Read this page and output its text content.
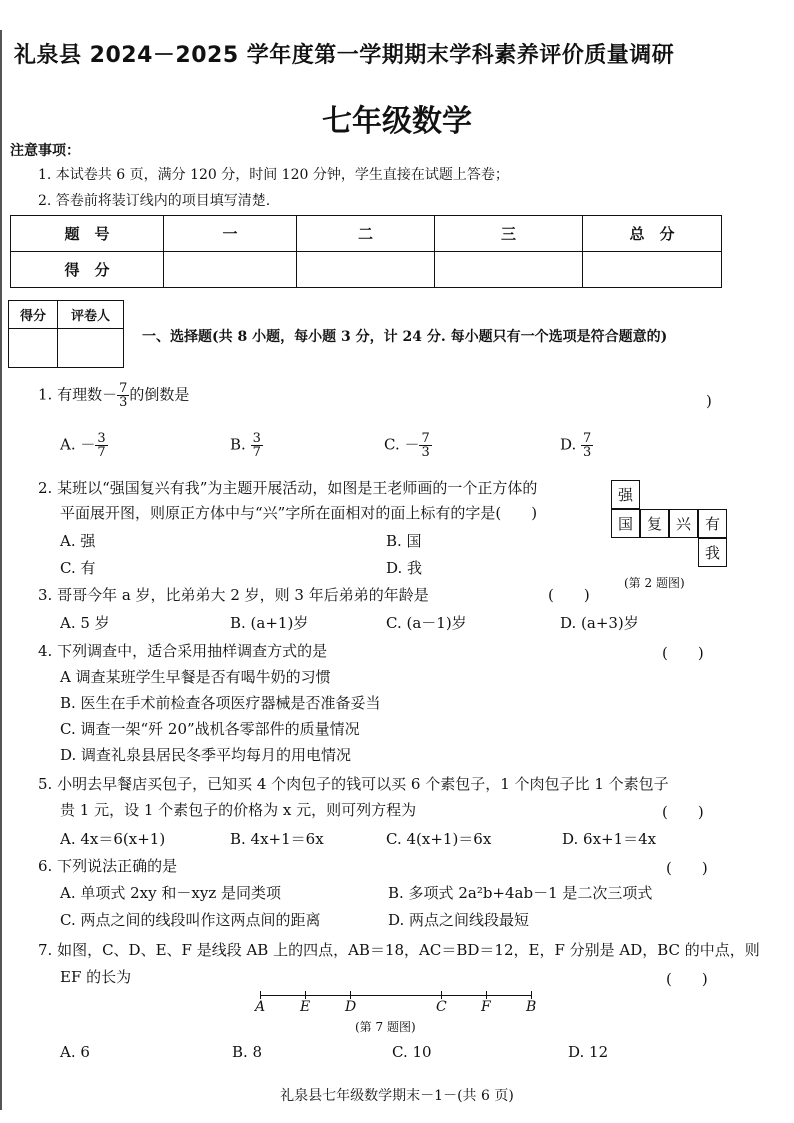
礼泉县 2024－2025 学年度第一学期期末学科素养评价质量调研
七年级数学
注意事项：
1. 本试卷共 6 页，满分 120 分，时间 120 分钟，学生直接在试题上答卷；
2. 答卷前将装订线内的项目填写清楚.
题　号	一	二	三	总　分
得　分				
得分	评卷人

一、选择题(共 8 小题，每小题 3 分，计 24 分. 每小题只有一个选项是符合题意的)
1. 有理数－ $\frac{7}{3}$ 的倒数是	)
A. － $\frac{3}{7}$	B. $\frac{3}{7}$	C. － $\frac{7}{3}$	D. $\frac{7}{3}$
2. 某班以“强国复兴有我”为主题开展活动，如图是王老师画的一个正方体的
平面展开图，则原正方体中与“兴”字所在面相对的面上标有的字是(　　)
A. 强	B. 国
C. 有	D. 我
强
国 复 兴 有
我
(第 2 题图)
3. 哥哥今年 a 岁，比弟弟大 2 岁，则 3 年后弟弟的年龄是	(　　)
A. 5 岁	B. (a+1)岁	C. (a－1)岁	D. (a+3)岁
4. 下列调查中，适合采用抽样调查方式的是	(　　)
A 调查某班学生早餐是否有喝牛奶的习惯
B. 医生在手术前检查各项医疗器械是否准备妥当
C. 调查一架“歼 20”战机各零部件的质量情况
D. 调查礼泉县居民冬季平均每月的用电情况
5. 小明去早餐店买包子，已知买 4 个肉包子的钱可以买 6 个素包子，1 个肉包子比 1 个素包子
贵 1 元，设 1 个素包子的价格为 x 元，则可列方程为	(　　)
A. 4x＝6(x+1)	B. 4x+1＝6x	C. 4(x+1)＝6x	D. 6x+1＝4x
6. 下列说法正确的是	(　　)
A. 单项式 2xy 和－xyz 是同类项	B. 多项式 2a²b+4ab－1 是二次三项式
C. 两点之间的线段叫作这两点间的距离	D. 两点之间线段最短
7. 如图，C、D、E、F 是线段 AB 上的四点，AB＝18，AC＝BD＝12，E，F 分别是 AD，BC 的中点，则
EF 的长为	(　　)
A E D	C F	B
(第 7 题图)
A. 6	B. 8	C. 10	D. 12
礼泉县七年级数学期末－1－(共 6 页)
